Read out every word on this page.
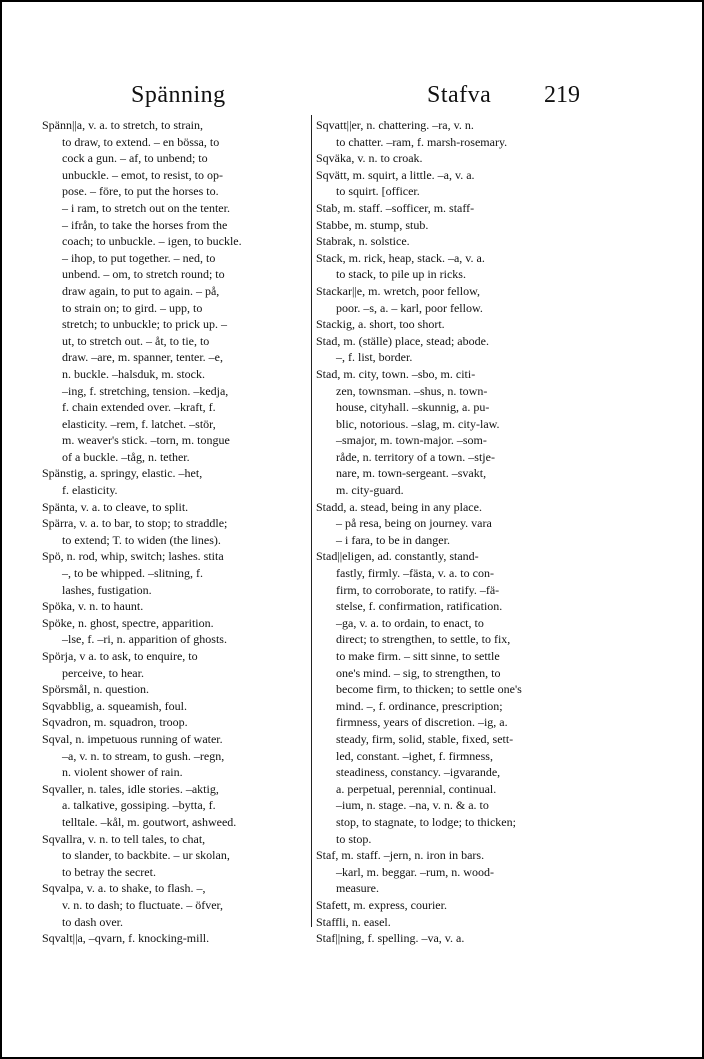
Spänning	Stafva 219
Spänn||a, v. a. to stretch, to strain,
to draw, to extend. – en bössa, to
cock a gun. – af, to unbend; to
unbuckle. – emot, to resist, to op-
pose. – före, to put the horses to.
– i ram, to stretch out on the tenter.
– ifrån, to take the horses from the
coach; to unbuckle. – igen, to buckle.
– ihop, to put together. – ned, to
unbend. – om, to stretch round; to
draw again, to put to again. – på,
to strain on; to gird. – upp, to
stretch; to unbuckle; to prick up. –
ut, to stretch out. – åt, to tie, to
draw. –are, m. spanner, tenter. –e,
n. buckle. –halsduk, m. stock.
–ing, f. stretching, tension. –kedja,
f. chain extended over. –kraft, f.
elasticity. –rem, f. latchet. –stör,
m. weaver's stick. –torn, m. tongue
of a buckle. –tåg, n. tether.
Spänstig, a. springy, elastic. –het,
f. elasticity.
Spänta, v. a. to cleave, to split.
Spärra, v. a. to bar, to stop; to straddle;
to extend; T. to widen (the lines).
Spö, n. rod, whip, switch; lashes. stita
–, to be whipped. –slitning, f.
lashes, fustigation.
Spöka, v. n. to haunt.
Spöke, n. ghost, spectre, apparition.
–lse, f. –ri, n. apparition of ghosts.
Spörja, v a. to ask, to enquire, to
perceive, to hear.
Spörsmål, n. question.
Sqvabblig, a. squeamish, foul.
Sqvadron, m. squadron, troop.
Sqval, n. impetuous running of water.
–a, v. n. to stream, to gush. –regn,
n. violent shower of rain.
Sqvaller, n. tales, idle stories. –aktig,
a. talkative, gossiping. –bytta, f.
telltale. –kål, m. goutwort, ashweed.
Sqvallra, v. n. to tell tales, to chat,
to slander, to backbite. – ur skolan,
to betray the secret.
Sqvalpa, v. a. to shake, to flash. –,
v. n. to dash; to fluctuate. – öfver,
to dash over.
Sqvalt||a, –qvarn, f. knocking-mill.
Sqvatt||er, n. chattering. –ra, v. n.
to chatter. –ram, f. marsh-rosemary.
Sqväka, v. n. to croak.
Sqvätt, m. squirt, a little. –a, v. a.
to squirt. [officer.
Stab, m. staff. –sofficer, m. staff-
Stabbe, m. stump, stub.
Stabrak, n. solstice.
Stack, m. rick, heap, stack. –a, v. a.
to stack, to pile up in ricks.
Stackar||e, m. wretch, poor fellow,
poor. –s, a. – karl, poor fellow.
Stackig, a. short, too short.
Stad, m. (ställe) place, stead; abode.
–, f. list, border.
Stad, m. city, town. –sbo, m. citi-
zen, townsman. –shus, n. town-
house, cityhall. –skunnig, a. pu-
blic, notorious. –slag, m. city-law.
–smajor, m. town-major. –som-
råde, n. territory of a town. –stje-
nare, m. town-sergeant. –svakt,
m. city-guard.
Stadd, a. stead, being in any place.
– på resa, being on journey. vara
– i fara, to be in danger.
Stad||eligen, ad. constantly, stand-
fastly, firmly. –fästa, v. a. to con-
firm, to corroborate, to ratify. –fä-
stelse, f. confirmation, ratification.
–ga, v. a. to ordain, to enact, to
direct; to strengthen, to settle, to fix,
to make firm. – sitt sinne, to settle
one's mind. – sig, to strengthen, to
become firm, to thicken; to settle one's
mind. –, f. ordinance, prescription;
firmness, years of discretion. –ig, a.
steady, firm, solid, stable, fixed, sett-
led, constant. –ighet, f. firmness,
steadiness, constancy. –igvarande,
a. perpetual, perennial, continual.
–ium, n. stage. –na, v. n. & a. to
stop, to stagnate, to lodge; to thicken;
to stop.
Staf, m. staff. –jern, n. iron in bars.
–karl, m. beggar. –rum, n. wood-
measure.
Stafett, m. express, courier.
Staffli, n. easel.
Staf||ning, f. spelling. –va, v. a.
